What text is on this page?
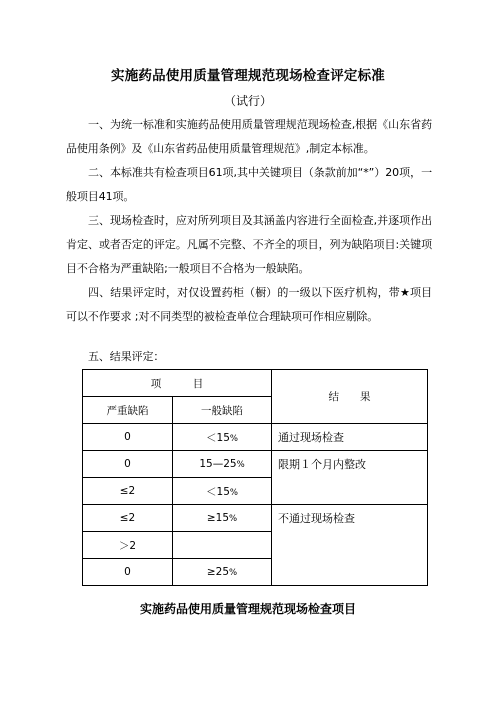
实施药品使用质量管理规范现场检查评定标准
（试行）
一、为统一标准和实施药品使用质量管理规范现场检查,根据《山东省药品使用条例》及《山东省药品使用质量管理规范》,制定本标准。
二、本标准共有检查项目61项,其中关键项目（条款前加“*”）20项，一般项目41项。
三、现场检查时，应对所列项目及其涵盖内容进行全面检查,并逐项作出肯定、或者否定的评定。凡属不完整、不齐全的项目，列为缺陷项目:关键项目不合格为严重缺陷;一般项目不合格为一般缺陷。
四、结果评定时，对仅设置药柜（橱）的一级以下医疗机构，带★项目可以不作要求 ;对不同类型的被检查单位合理缺项可作相应剔除。
五、结果评定：
项　　　目		结　　果
严重缺陷	一般缺陷	
0	＜15%	通过现场检查

0	15—25%	限期１个月内整改

≤2	＜15%	
≤2	≥15%	不通过现场检查

＞2		
0	≥25%	
实施药品使用质量管理规范现场检查项目
